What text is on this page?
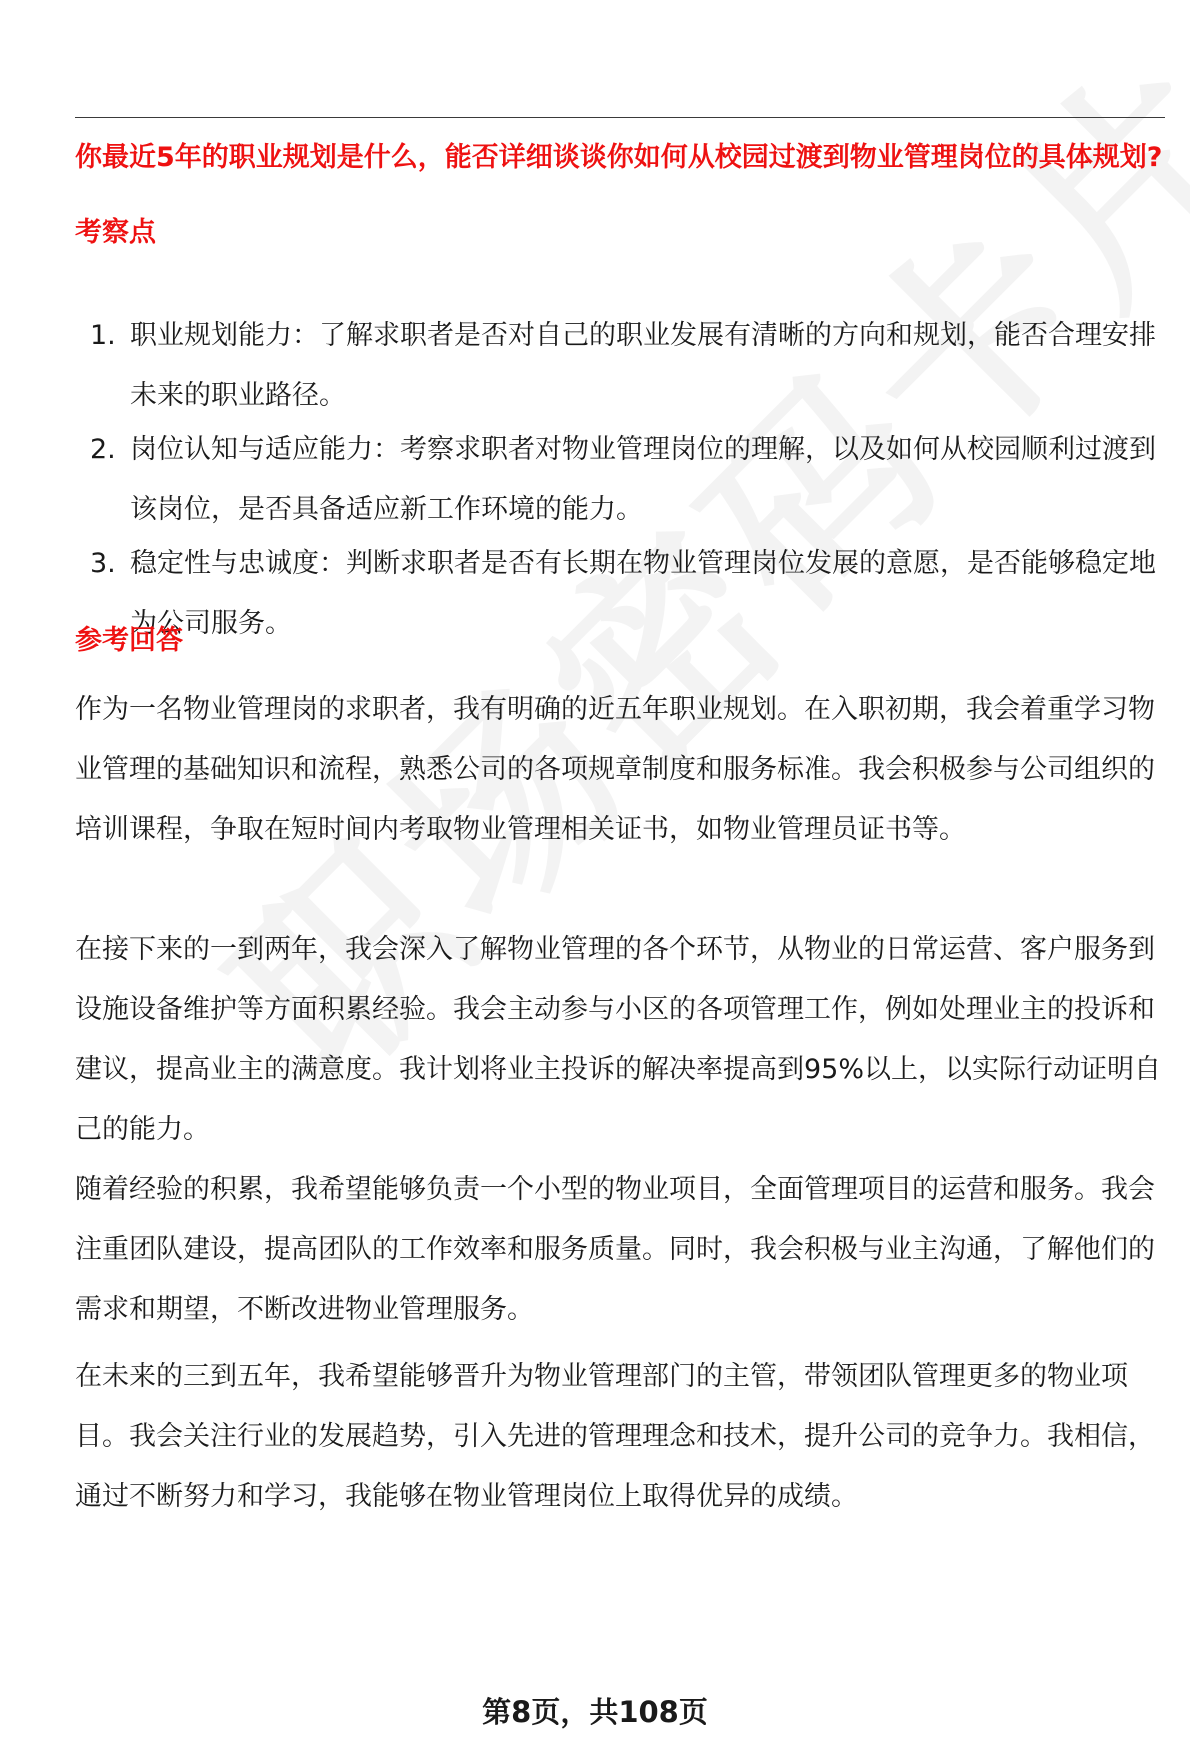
你最近5年的职业规划是什么，能否详细谈谈你如何从校园过渡到物业管理岗位的具体规划?
考察点
1. 职业规划能力：了解求职者是否对自己的职业发展有清晰的方向和规划，能否合理安排未来的职业路径。
2. 岗位认知与适应能力：考察求职者对物业管理岗位的理解，以及如何从校园顺利过渡到该岗位，是否具备适应新工作环境的能力。
3. 稳定性与忠诚度：判断求职者是否有长期在物业管理岗位发展的意愿，是否能够稳定地为公司服务。
参考回答

作为一名物业管理岗的求职者，我有明确的近五年职业规划。在入职初期，我会着重学习物业管理的基础知识和流程，熟悉公司的各项规章制度和服务标准。我会积极参与公司组织的培训课程，争取在短时间内考取物业管理相关证书，如物业管理员证书等。

在接下来的一到两年，我会深入了解物业管理的各个环节，从物业的日常运营、客户服务到设施设备维护等方面积累经验。我会主动参与小区的各项管理工作，例如处理业主的投诉和建议，提高业主的满意度。我计划将业主投诉的解决率提高到95%以上，以实际行动证明自己的能力。

随着经验的积累，我希望能够负责一个小型的物业项目，全面管理项目的运营和服务。我会注重团队建设，提高团队的工作效率和服务质量。同时，我会积极与业主沟通，了解他们的需求和期望，不断改进物业管理服务。

在未来的三到五年，我希望能够晋升为物业管理部门的主管，带领团队管理更多的物业项目。我会关注行业的发展趋势，引入先进的管理理念和技术，提升公司的竞争力。我相信，通过不断努力和学习，我能够在物业管理岗位上取得优异的成绩。

第8页，共108页
